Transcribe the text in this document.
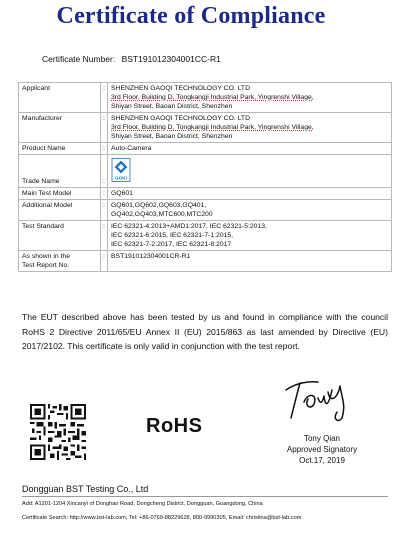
Certificate of Compliance
Certificate Number: BST191012304001CC-R1
Applicant	:	SHENZHEN GAOQI TECHNOLOGY CO. LTD
3rd Floor, Building D, Tongkangji Industrial Park, Yingrenshi Village,
Shiyan Street, Baoan District, Shenzhen

Manufacturer	:	SHENZHEN GAOQI TECHNOLOGY CO. LTD
3rd Floor, Building D, Tongkangji Industrial Park, Yingrenshi Village,
Shiyan Street, Baoan District, Shenzhen

Product Name	:	Auto-Camera
Trade Name	:	GOKI

Main Test Model	:	GQ601
Additional Model	:	GQ601,GQ602,GQ603,GQ401,
GQ402,GQ403,MTC600,MTC200

Test Standard	:	IEC 62321-4:2013+AMD1:2017, IEC 62321-5:2013,
IEC 62321-6:2015, IEC 62321-7-1:2015,
IEC 62321-7-2:2017, IEC 62321-8:2017

As shown in the
Test Report No.	:	BST191012304001CR-R1
The EUT described above has been tested by us and found in compliance with the council RoHS 2 Directive 2011/65/EU Annex II (EU) 2015/863 as last amended by Directive (EU) 2017/2102. This certificate is only valid in conjunction with the test report.
RoHS
Tony Qian
Approved Signatory
Oct.17, 2019
Dongguan BST Testing Co., Ltd
Add: A1201-1204 Xincanyi of Donghao Road, Dongcheng District, Dongguan, Guangdong, China
Certificate Search: http://www.bst-lab.com, Tel: +86-0769-88229628, 800-9990305, Email: christina@bst-lab.com
